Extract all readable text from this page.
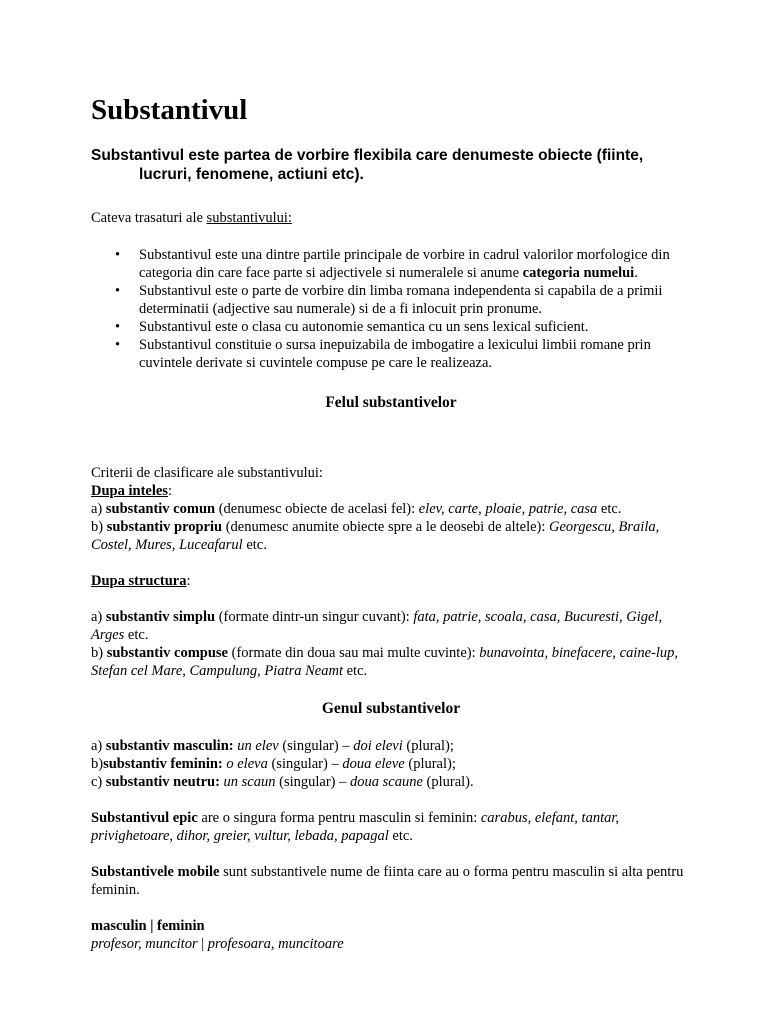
Substantivul

Substantivul este partea de vorbire flexibila care denumeste obiecte (fiinte, lucruri, fenomene, actiuni etc).

Cateva trasaturi ale substantivului:

• Substantivul este una dintre partile principale de vorbire in cadrul valorilor morfologice din categoria din care face parte si adjectivele si numeralele si anume categoria numelui.
• Substantivul este o parte de vorbire din limba romana independenta si capabila de a primii determinatii (adjective sau numerale) si de a fi inlocuit prin pronume.
• Substantivul este o clasa cu autonomie semantica cu un sens lexical suficient.
• Substantivul constituie o sursa inepuizabila de imbogatire a lexicului limbii romane prin cuvintele derivate si cuvintele compuse pe care le realizeaza.
Felul substantivelor

Criterii de clasificare ale substantivului:

Dupa inteles:

a) substantiv comun (denumesc obiecte de acelasi fel): elev, carte, ploaie, patrie, casa etc.

b) substantiv propriu (denumesc anumite obiecte spre a le deosebi de altele): Georgescu, Braila, Costel, Mures, Luceafarul etc.

Dupa structura:

a) substantiv simplu (formate dintr-un singur cuvant): fata, patrie, scoala, casa, Bucuresti, Gigel, Arges etc.

b) substantiv compuse (formate din doua sau mai multe cuvinte): bunavointa, binefacere, caine-lup, Stefan cel Mare, Campulung, Piatra Neamt etc.

Genul substantivelor

a) substantiv masculin: un elev (singular) – doi elevi (plural);

b)substantiv feminin: o eleva (singular) – doua eleve (plural);

c) substantiv neutru: un scaun (singular) – doua scaune (plural).

Substantivul epic are o singura forma pentru masculin si feminin: carabus, elefant, tantar, privighetoare, dihor, greier, vultur, lebada, papagal etc.

Substantivele mobile sunt substantivele nume de fiinta care au o forma pentru masculin si alta pentru feminin.

masculin | feminin

profesor, muncitor | profesoara, muncitoare
